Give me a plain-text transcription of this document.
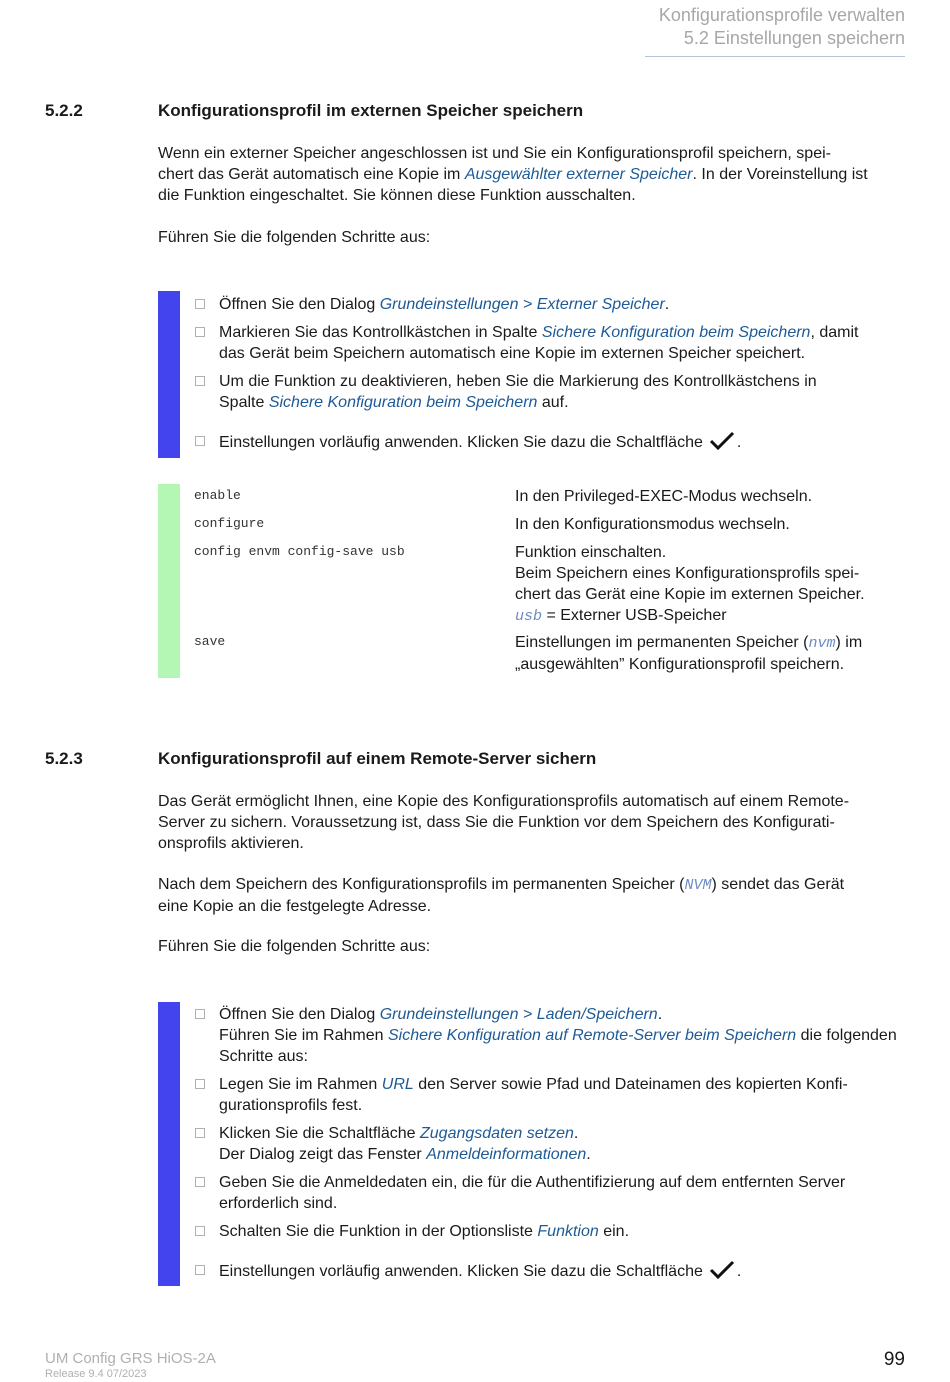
Konfigurationsprofile verwalten
5.2 Einstellungen speichern
5.2.2	Konfigurationsprofil im externen Speicher speichern
Wenn ein externer Speicher angeschlossen ist und Sie ein Konfigurationsprofil speichern, spei-
chert das Gerät automatisch eine Kopie im Ausgewählter externer Speicher. In der Voreinstellung ist
die Funktion eingeschaltet. Sie können diese Funktion ausschalten.
Führen Sie die folgenden Schritte aus:
Öffnen Sie den Dialog Grundeinstellungen > Externer Speicher.
Markieren Sie das Kontrollkästchen in Spalte Sichere Konfiguration beim Speichern, damit
das Gerät beim Speichern automatisch eine Kopie im externen Speicher speichert.
Um die Funktion zu deaktivieren, heben Sie die Markierung des Kontrollkästchens in
Spalte Sichere Konfiguration beim Speichern auf.
Einstellungen vorläufig anwenden. Klicken Sie dazu die Schaltfläche .
enable	In den Privileged-EXEC-Modus wechseln.
configure	In den Konfigurationsmodus wechseln.
config envm config-save usb	Funktion einschalten.
Beim Speichern eines Konfigurationsprofils spei-
chert das Gerät eine Kopie im externen Speicher.
usb = Externer USB-Speicher
save	Einstellungen im permanenten Speicher (nvm) im
„ausgewählten” Konfigurationsprofil speichern.
5.2.3	Konfigurationsprofil auf einem Remote-Server sichern
Das Gerät ermöglicht Ihnen, eine Kopie des Konfigurationsprofils automatisch auf einem Remote-
Server zu sichern. Voraussetzung ist, dass Sie die Funktion vor dem Speichern des Konfigurati-
onsprofils aktivieren.
Nach dem Speichern des Konfigurationsprofils im permanenten Speicher (NVM) sendet das Gerät
eine Kopie an die festgelegte Adresse.
Führen Sie die folgenden Schritte aus:
Öffnen Sie den Dialog Grundeinstellungen > Laden/Speichern.
Führen Sie im Rahmen Sichere Konfiguration auf Remote-Server beim Speichern die folgenden
Schritte aus:
Legen Sie im Rahmen URL den Server sowie Pfad und Dateinamen des kopierten Konfi-
gurationsprofils fest.
Klicken Sie die Schaltfläche Zugangsdaten setzen.
Der Dialog zeigt das Fenster Anmeldeinformationen.
Geben Sie die Anmeldedaten ein, die für die Authentifizierung auf dem entfernten Server
erforderlich sind.
Schalten Sie die Funktion in der Optionsliste Funktion ein.
Einstellungen vorläufig anwenden. Klicken Sie dazu die Schaltfläche .
UM Config GRS HiOS-2A
Release 9.4 07/2023
99
